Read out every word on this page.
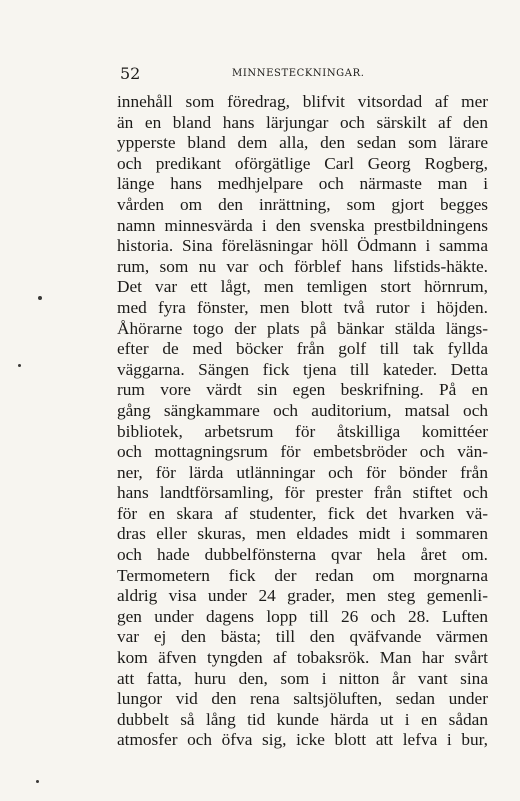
52	MINNESTECKNINGAR.
innehåll som föredrag, blifvit vitsordad af mer
än en bland hans lärjungar och särskilt af den
ypperste bland dem alla, den sedan som lärare
och predikant oförgätlige Carl Georg Rogberg,
länge hans medhjelpare och närmaste man i
vården om den inrättning, som gjort begges
namn minnesvärda i den svenska prestbildningens
historia. Sina föreläsningar höll Ödmann i samma
rum, som nu var och förblef hans lifstids-häkte.
Det var ett lågt, men temligen stort hörnrum,
med fyra fönster, men blott två rutor i höjden.
Åhörarne togo der plats på bänkar stälda längs-
efter de med böcker från golf till tak fyllda
väggarna. Sängen fick tjena till kateder. Detta
rum vore värdt sin egen beskrifning. På en
gång sängkammare och auditorium, matsal och
bibliotek, arbetsrum för åtskilliga komittéer
och mottagningsrum för embetsbröder och vän-
ner, för lärda utlänningar och för bönder från
hans landtförsamling, för prester från stiftet och
för en skara af studenter, fick det hvarken vä-
dras eller skuras, men eldades midt i sommaren
och hade dubbelfönsterna qvar hela året om.
Termometern fick der redan om morgnarna
aldrig visa under 24 grader, men steg gemenli-
gen under dagens lopp till 26 och 28. Luften
var ej den bästa; till den qväfvande värmen
kom äfven tyngden af tobaksrök. Man har svårt
att fatta, huru den, som i nitton år vant sina
lungor vid den rena saltsjöluften, sedan under
dubbelt så lång tid kunde härda ut i en sådan
atmosfer och öfva sig, icke blott att lefva i bur,
